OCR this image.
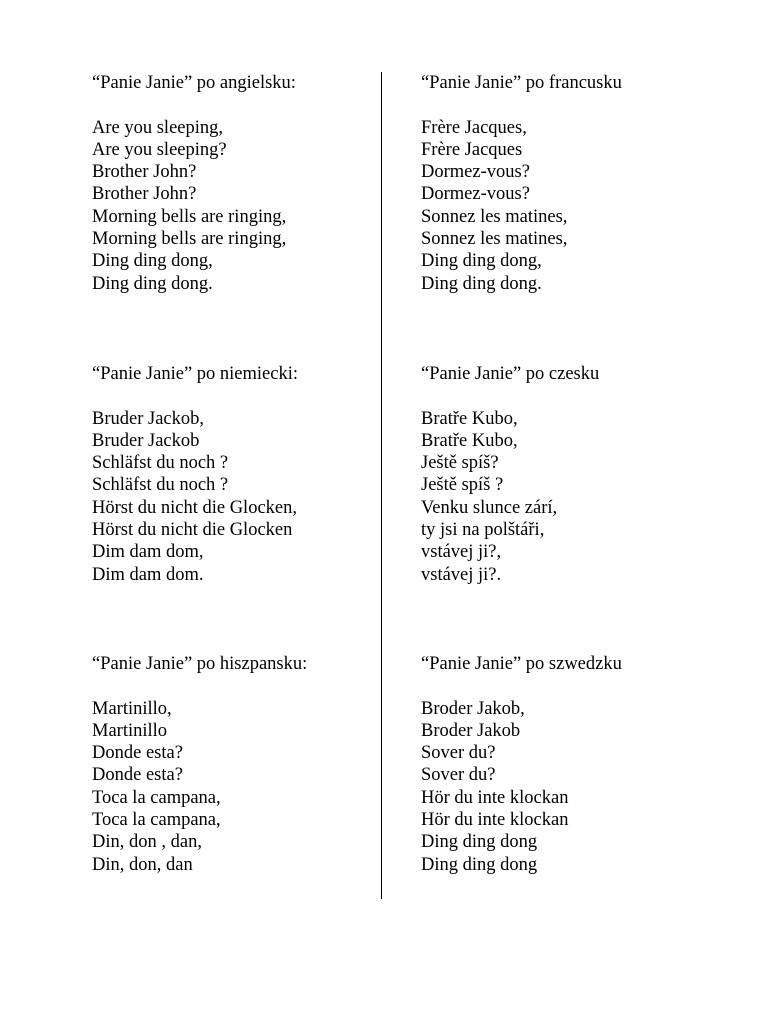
“Panie Janie” po angielsku:
Are you sleeping,
Are you sleeping?
Brother John?
Brother John?
Morning bells are ringing,
Morning bells are ringing,
Ding ding dong,
Ding ding dong.
“Panie Janie” po francusku
Frère Jacques,
Frère Jacques
Dormez-vous?
Dormez-vous?
Sonnez les matines,
Sonnez les matines,
Ding ding dong,
Ding ding dong.
“Panie Janie” po niemiecki:
Bruder Jackob,
Bruder Jackob
Schläfst du noch ?
Schläfst du noch ?
Hörst du nicht die Glocken,
Hörst du nicht die Glocken
Dim dam dom,
Dim dam dom.
“Panie Janie” po czesku
Bratře Kubo,
Bratře Kubo,
Ještě spíš?
Ještě spíš ?
Venku slunce zárí,
ty jsi na polštáři,
vstávej ji?,
vstávej ji?.
“Panie Janie” po hiszpansku:
Martinillo,
Martinillo
Donde esta?
Donde esta?
Toca la campana,
Toca la campana,
Din, don , dan,
Din, don, dan
“Panie Janie” po szwedzku
Broder Jakob,
Broder Jakob
Sover du?
Sover du?
Hör du inte klockan
Hör du inte klockan
Ding ding dong
Ding ding dong
